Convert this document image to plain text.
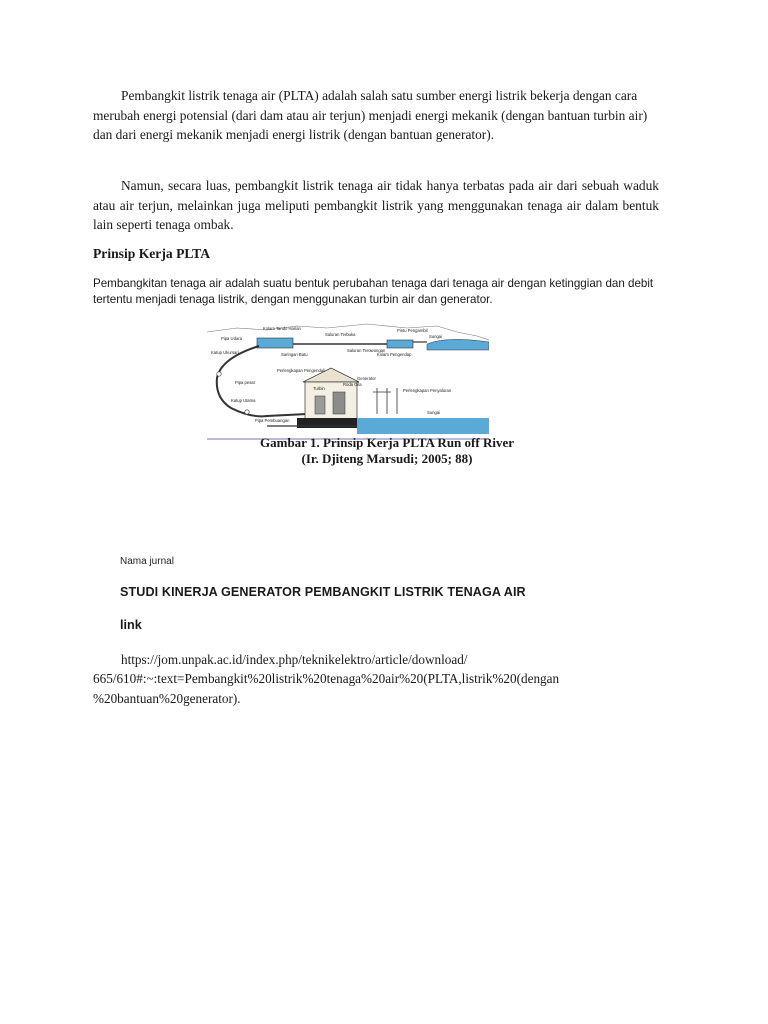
Pembangkit listrik tenaga air (PLTA) adalah salah satu sumber energi listrik bekerja dengan cara merubah energi potensial (dari dam atau air terjun) menjadi energi mekanik (dengan bantuan turbin air) dan dari energi mekanik menjadi energi listrik (dengan bantuan generator).

Namun, secara luas, pembangkit listrik tenaga air tidak hanya terbatas pada air dari sebuah waduk atau air terjun, melainkan juga meliputi pembangkit listrik yang menggunakan tenaga air dalam bentuk lain seperti tenaga ombak.

Prinsip Kerja PLTA

Pembangkitan tenaga air adalah suatu bentuk perubahan tenaga dari tenaga air dengan ketinggian dan debit tertentu menjadi tenaga listrik, dengan menggunakan turbin air dan generator.

Kolam Tando Harian
Saluran Terbuka
Pintu Pengambil
Sungai
Pipa Udara
Katup Ukursari	Saringan Batu
Saluran Terowongan
Kolam Pengendap
Pipa pesat
Perlengkapan Pengendali
Turbin
Roda Gila
Generator
Perlengkapan Penyaluran
Katup Utama
Pipa Pembuangan
Sungai
Gambar 1. Prinsip Kerja PLTA Run off River
(Ir. Djiteng Marsudi; 2005; 88)
Nama jurnal
STUDI KINERJA GENERATOR PEMBANGKIT LISTRIK TENAGA AIR
link

https://jom.unpak.ac.id/index.php/teknikelektro/article/download/
665/610#:~:text=Pembangkit%20listrik%20tenaga%20air%20(PLTA,listrik%20(dengan
%20bantuan%20generator).
